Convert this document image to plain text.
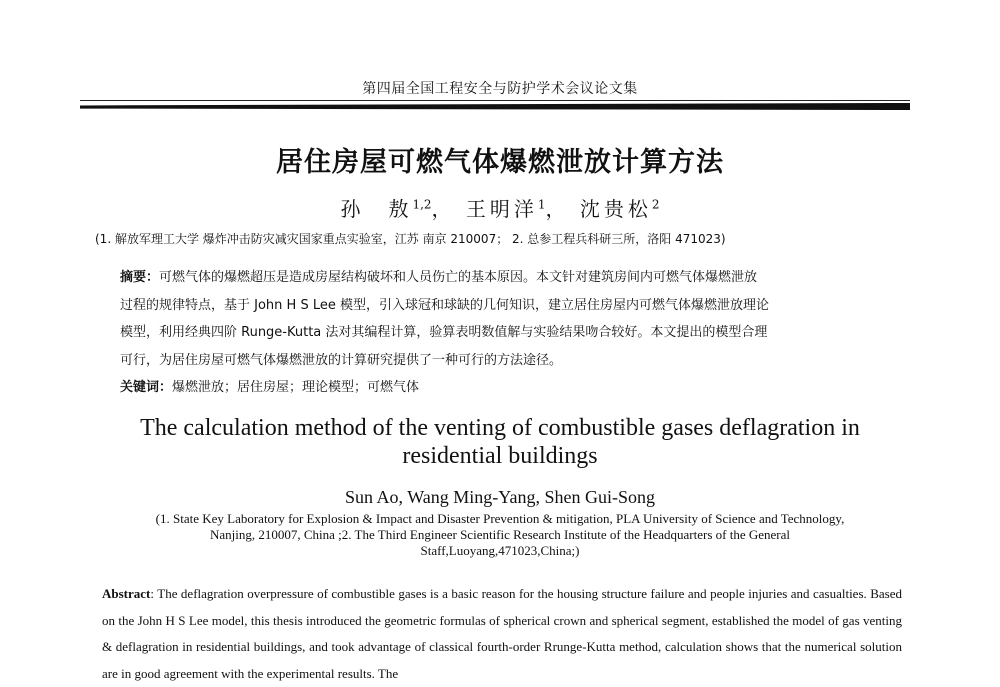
第四届全国工程安全与防护学术会议论文集
居住房屋可燃气体爆燃泄放计算方法
孙　敖$^{1,2}$， 王明洋$^1$， 沈贵松$^2$
(1. 解放军理工大学 爆炸冲击防灾减灾国家重点实验室，江苏 南京 210007； 2. 总参工程兵科研三所，洛阳 471023)
摘要：可燃气体的爆燃超压是造成房屋结构破坏和人员伤亡的基本原因。本文针对建筑房间内可燃气体爆燃泄放
过程的规律特点，基于 John H S Lee 模型，引入球冠和球缺的几何知识，建立居住房屋内可燃气体爆燃泄放理论
模型，利用经典四阶 Runge-Kutta 法对其编程计算，验算表明数值解与实验结果吻合较好。本文提出的模型合理
可行，为居住房屋可燃气体爆燃泄放的计算研究提供了一种可行的方法途径。
关键词：爆燃泄放；居住房屋；理论模型；可燃气体
The calculation method of the venting of combustible gases deflagration in
residential buildings
Sun Ao, Wang Ming-Yang, Shen Gui-Song
(1. State Key Laboratory for Explosion & Impact and Disaster Prevention & mitigation, PLA University of Science and Technology,
Nanjing, 210007, China ;2. The Third Engineer Scientific Research Institute of the Headquarters of the General
Staff,Luoyang,471023,China;)
Abstract: The deflagration overpressure of combustible gases is a basic reason for the housing structure failure and people injuries and casualties. Based on the John H S Lee model, this thesis introduced the geometric formulas of spherical crown and spherical segment, established the model of gas venting & deflagration in residential buildings, and took advantage of classical fourth-order Rrunge-Kutta method, calculation shows that the numerical solution are in good agreement with the experimental results. The
